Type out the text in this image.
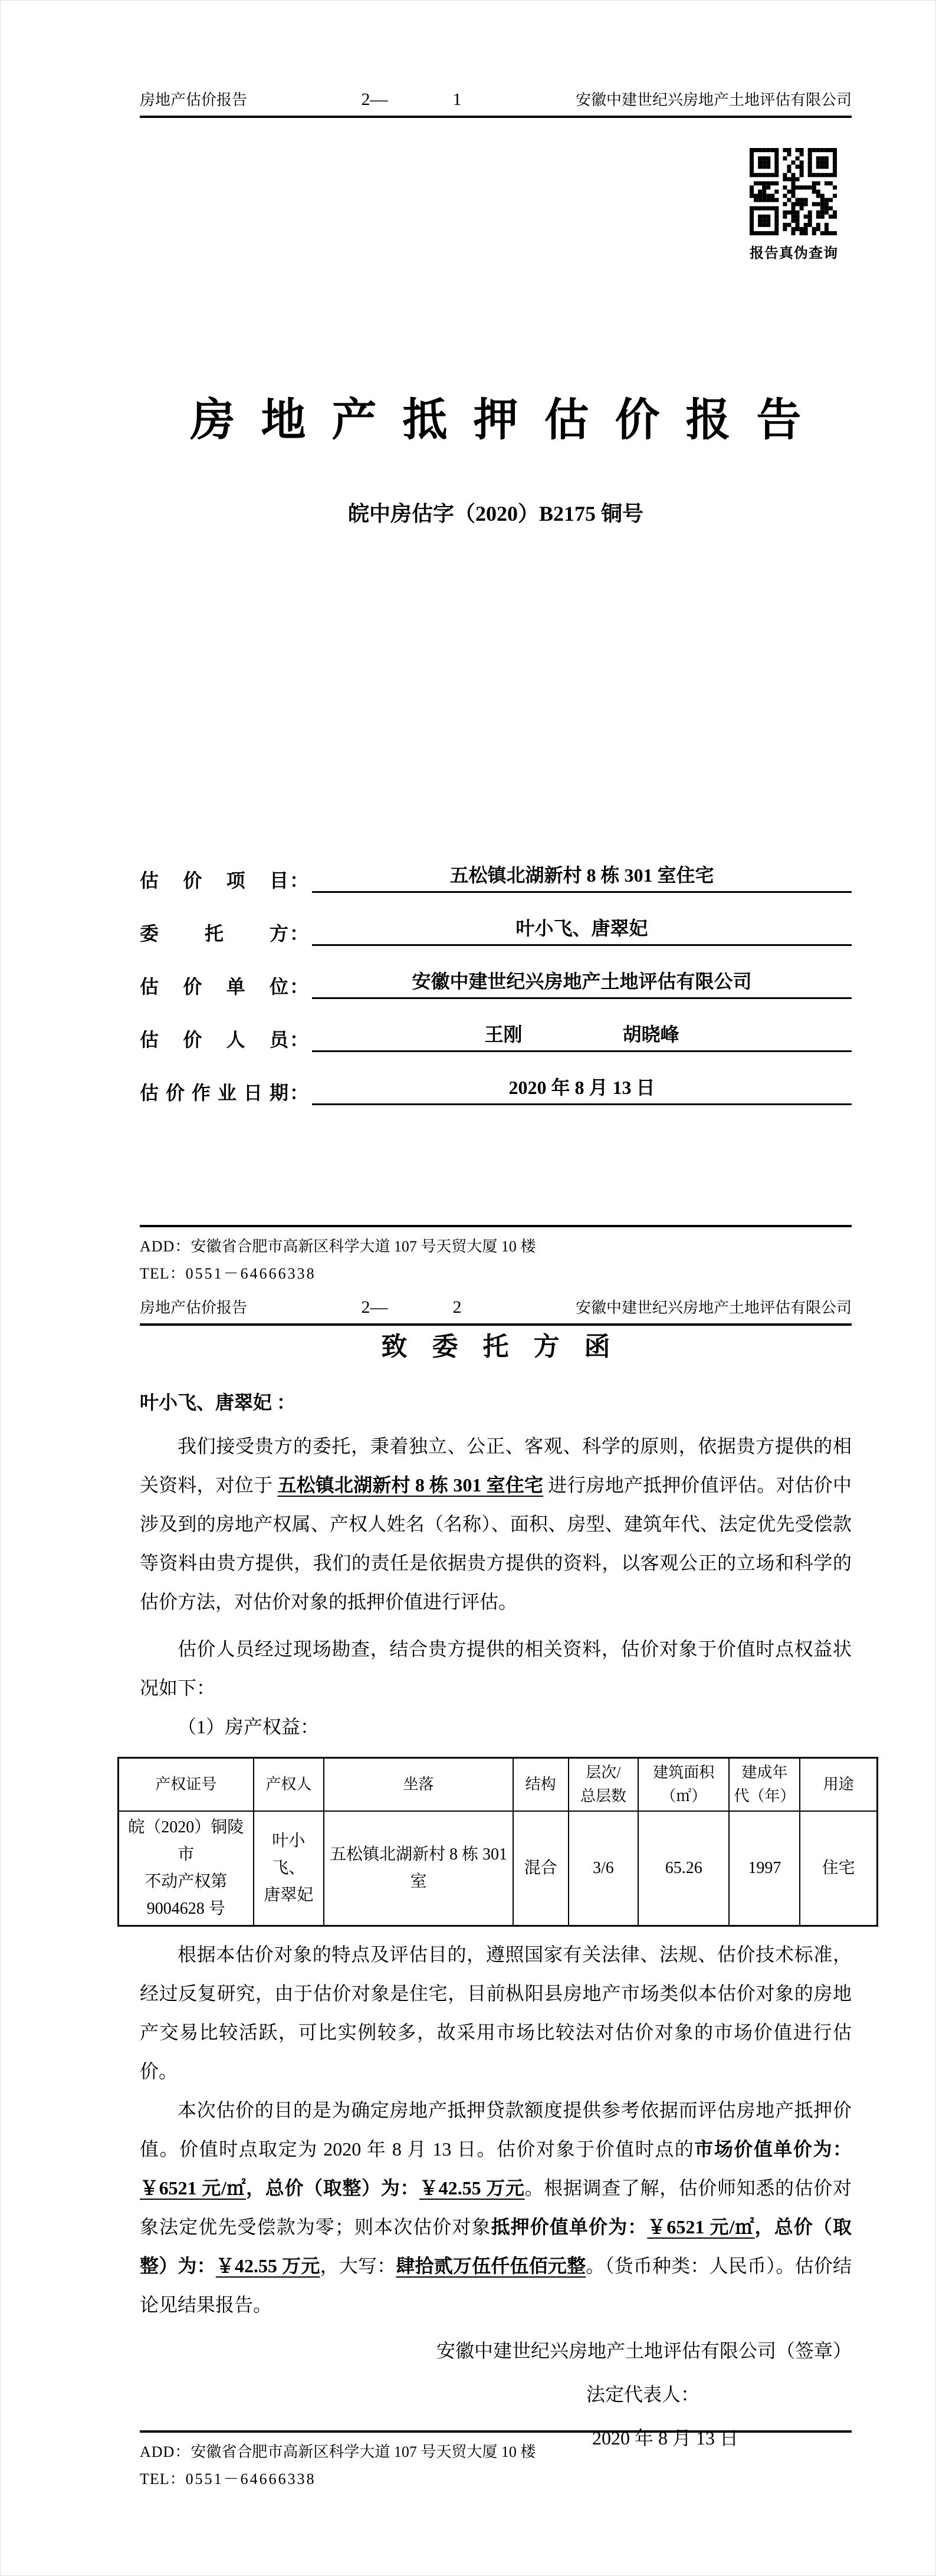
房地产估价报告	2—	1	安徽中建世纪兴房地产土地评估有限公司
报告真伪查询
房地产抵押估价报告
皖中房估字（2020）B2175 铜号
估价项目 ：	五松镇北湖新村 8 栋 301 室住宅
委托方 ：	叶小飞、唐翠妃
估价单位 ：	安徽中建世纪兴房地产土地评估有限公司
估价人员 ：	王刚	胡晓峰
估价作业日期 ：	2020 年 8 月 13 日
ADD：安徽省合肥市高新区科学大道 107 号天贸大厦 10 楼
TEL：0551－64666338
房地产估价报告	2—	2	安徽中建世纪兴房地产土地评估有限公司
致委托方函
叶小飞、唐翠妃 ：

我们接受贵方的委托，秉着独立、公正、客观、科学的原则，依据贵方提供的相关资料，对位于 五松镇北湖新村 8 栋 301 室住宅 进行房地产抵押价值评估。对估价中涉及到的房地产权属、产权人姓名（名称）、面积、房型、建筑年代、法定优先受偿款等资料由贵方提供，我们的责任是依据贵方提供的资料，以客观公正的立场和科学的估价方法，对估价对象的抵押价值进行评估。

估价人员经过现场勘查，结合贵方提供的相关资料，估价对象于价值时点权益状况如下：

（1）房产权益：

产权证号	产权人	坐落	结构	层次/
总层数	建筑面积
（㎡）	建成年
代（年）	用途
皖（2020）铜陵市
不动产权第
9004628 号	叶小飞、
唐翠妃	五松镇北湖新村 8 栋 301 室	混合	3/6	65.26	1997	住宅

根据本估价对象的特点及评估目的，遵照国家有关法律、法规、估价技术标准，经过反复研究，由于估价对象是住宅，目前枞阳县房地产市场类似本估价对象的房地产交易比较活跃，可比实例较多，故采用市场比较法对估价对象的市场价值进行估价。

本次估价的目的是为确定房地产抵押贷款额度提供参考依据而评估房地产抵押价值。价值时点取定为 2020 年 8 月 13 日。估价对象于价值时点的市场价值单价为：￥6521 元/㎡，总价（取整）为：￥42.55 万元。根据调查了解，估价师知悉的估价对象法定优先受偿款为零；则本次估价对象抵押价值单价为：￥6521 元/㎡，总价（取整）为：￥42.55 万元，大写：肆拾贰万伍仟伍佰元整。（货币种类：人民币）。估价结论见结果报告。

安徽中建世纪兴房地产土地评估有限公司（签章）
法定代表人：
2020 年 8 月 13 日
ADD：安徽省合肥市高新区科学大道 107 号天贸大厦 10 楼
TEL：0551－64666338
